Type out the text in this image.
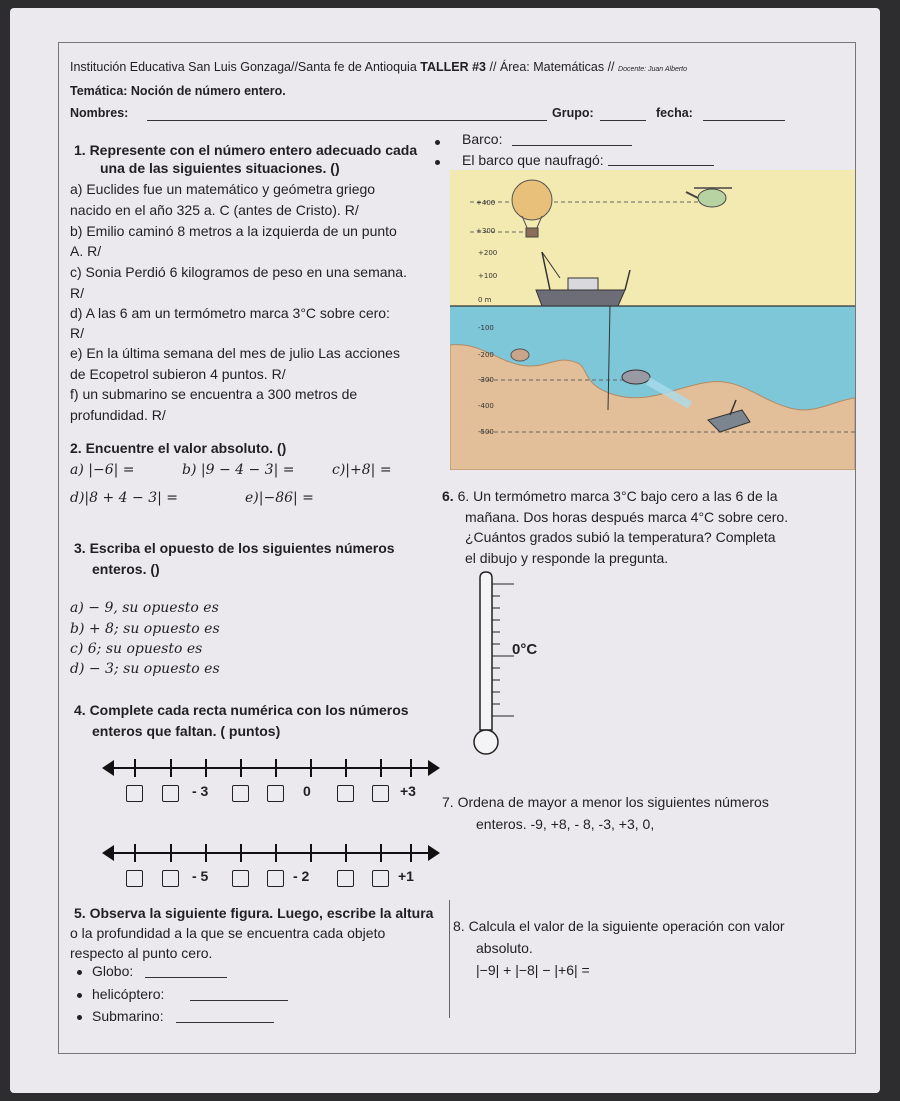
Institución Educativa San Luis Gonzaga//Santa fe de Antioquia TALLER #3 // Área: Matemáticas // Docente: Juan Alberto
Temática: Noción de número entero.
Nombres:	Grupo:	fecha:
1. Represente con el número entero adecuado cada
una de las siguientes situaciones. ()
a) Euclides fue un matemático y geómetra griego
nacido en el año 325 a. C (antes de Cristo). R/
b) Emilio caminó 8 metros a la izquierda de un punto
A. R/
c) Sonia Perdió 6 kilogramos de peso en una semana.
R/
d) A las 6 am un termómetro marca 3°C sobre cero:
R/
e) En la última semana del mes de julio Las acciones
de Ecopetrol subieron 4 puntos. R/
f) un submarino se encuentra a 300 metros de
profundidad. R/
2. Encuentre el valor absoluto. ()
a) |−6| =	b) |9 − 4 − 3| =	c)|+8| =
d)|8 + 4 − 3| =	e)|−86| =
3. Escriba el opuesto de los siguientes números
enteros. ()
a) − 9, su opuesto es
b) + 8; su opuesto es
c) 6; su opuesto es
d) − 3; su opuesto es
4. Complete cada recta numérica con los números
enteros que faltan. ( puntos)
- 3	0	+3
- 5	- 2	+1
5. Observa la siguiente figura. Luego, escribe la altura
o la profundidad a la que se encuentra cada objeto
respecto al punto cero.
Globo:
helicóptero:
Submarino:
Barco:
El barco que naufragó:
+400
+300
+200
+100
0 m
-100
-200
-300
-400
-500
6. 6. Un termómetro marca 3°C bajo cero a las 6 de la
mañana. Dos horas después marca 4°C sobre cero.
¿Cuántos grados subió la temperatura? Completa
el dibujo y responde la pregunta.
0°C
7. Ordena de mayor a menor los siguientes números
enteros. -9, +8, - 8, -3, +3, 0,
8. Calcula el valor de la siguiente operación con valor
absoluto.
|−9| + |−8| − |+6| =
